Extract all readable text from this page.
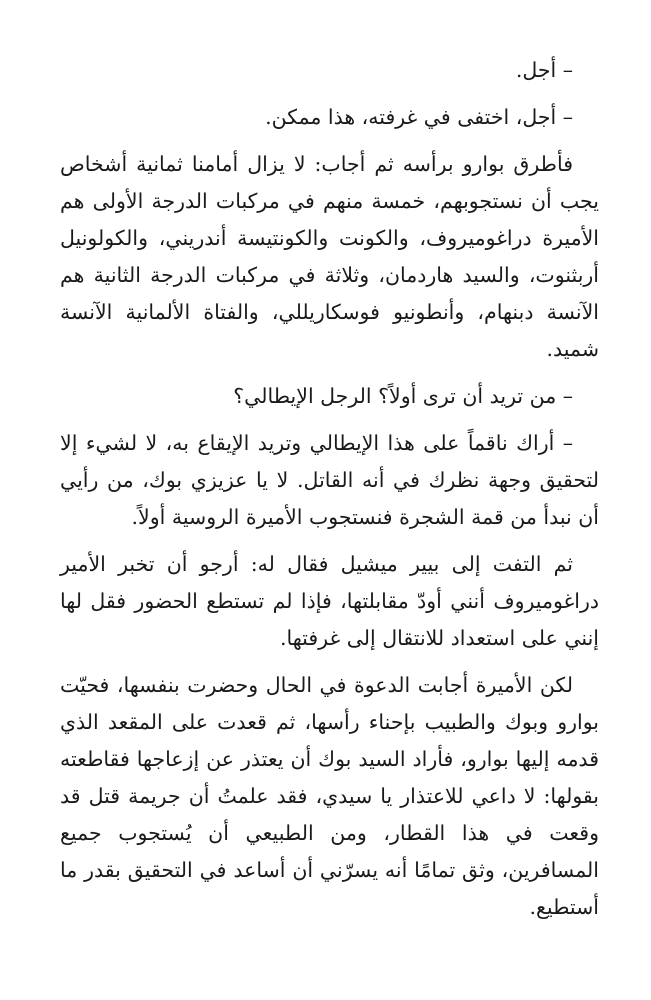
– أجل.

– أجل، اختفى في غرفته، هذا ممكن.

فأطرق بوارو برأسه ثم أجاب: لا يزال أمامنا ثمانية أشخاص يجب أن نستجوبهم، خمسة منهم في مركبات الدرجة الأولى هم الأميرة دراغوميروف، والكونت والكونتيسة أندريني، والكولونيل أربثنوت، والسيد هاردمان، وثلاثة في مركبات الدرجة الثانية هم الآنسة دبنهام، وأنطونيو فوسكاريللي، والفتاة الألمانية الآنسة شميد.

– من تريد أن ترى أولاً؟ الرجل الإيطالي؟

– أراك ناقماً على هذا الإيطالي وتريد الإيقاع به، لا لشيء إلا لتحقيق وجهة نظرك في أنه القاتل. لا يا عزيزي بوك، من رأيي أن نبدأ من قمة الشجرة فنستجوب الأميرة الروسية أولاً.

ثم التفت إلى بيير ميشيل فقال له: أرجو أن تخبر الأمير دراغوميروف أنني أودّ مقابلتها، فإذا لم تستطع الحضور فقل لها إنني على استعداد للانتقال إلى غرفتها.

لكن الأميرة أجابت الدعوة في الحال وحضرت بنفسها، فحيّت بوارو وبوك والطبيب بإحناء رأسها، ثم قعدت على المقعد الذي قدمه إليها بوارو، فأراد السيد بوك أن يعتذر عن إزعاجها فقاطعته بقولها: لا داعي للاعتذار يا سيدي، فقد علمتُ أن جريمة قتل قد وقعت في هذا القطار، ومن الطبيعي أن يُستجوب جميع المسافرين، وثق تمامًا أنه يسرّني أن أساعد في التحقيق بقدر ما أستطيع.
